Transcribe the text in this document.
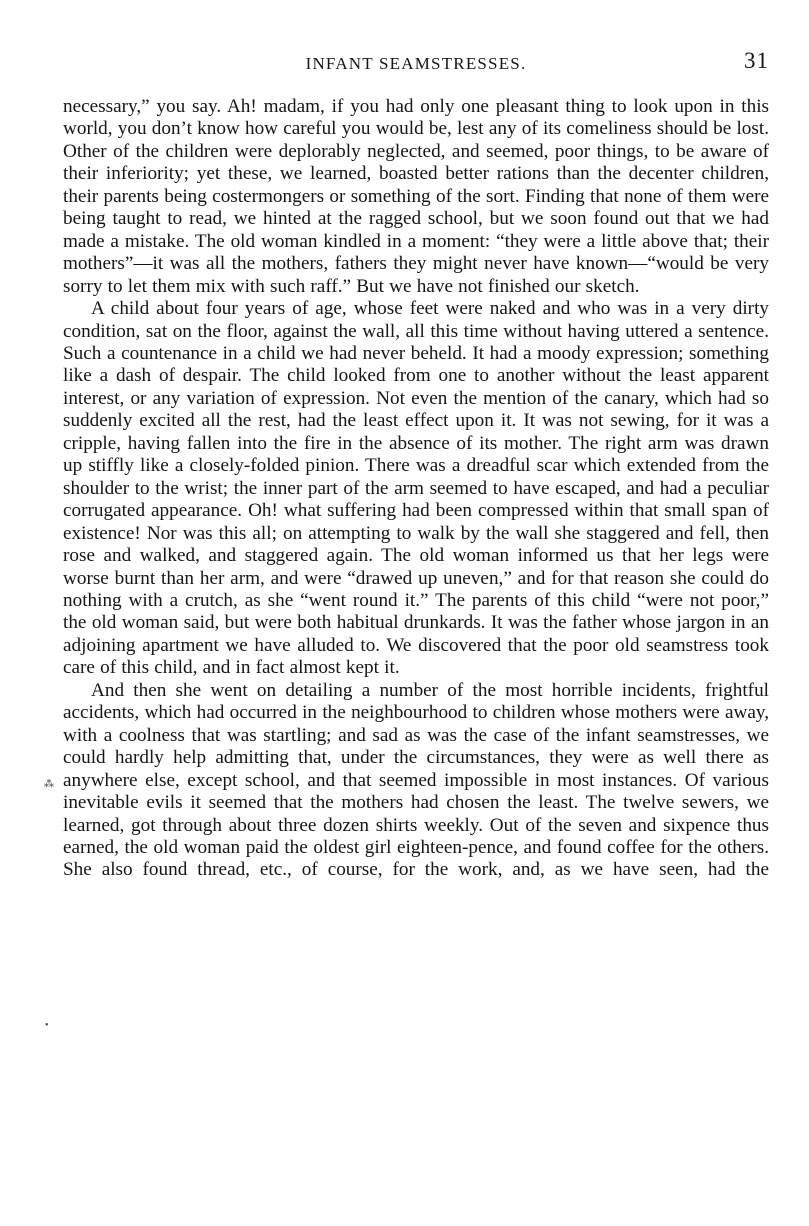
INFANT SEAMSTRESSES.	31

necessary,” you say. Ah! madam, if you had only one pleasant thing to look upon in this world, you don’t know how careful you would be, lest any of its comeliness should be lost. Other of the children were deplorably neglected, and seemed, poor things, to be aware of their inferiority; yet these, we learned, boasted better rations than the decenter children, their parents being costermongers or something of the sort. Finding that none of them were being taught to read, we hinted at the ragged school, but we soon found out that we had made a mistake. The old woman kindled in a moment: “they were a little above that; their mothers”—it was all the mothers, fathers they might never have known—“would be very sorry to let them mix with such raff.” But we have not finished our sketch.

A child about four years of age, whose feet were naked and who was in a very dirty condition, sat on the floor, against the wall, all this time without having uttered a sentence. Such a countenance in a child we had never beheld. It had a moody expression; something like a dash of despair. The child looked from one to another without the least apparent interest, or any variation of expression. Not even the mention of the canary, which had so suddenly excited all the rest, had the least effect upon it. It was not sewing, for it was a cripple, having fallen into the fire in the absence of its mother. The right arm was drawn up stiffly like a closely-folded pinion. There was a dreadful scar which extended from the shoulder to the wrist; the inner part of the arm seemed to have escaped, and had a peculiar corrugated appearance. Oh! what suffering had been compressed within that small span of existence! Nor was this all; on attempting to walk by the wall she staggered and fell, then rose and walked, and staggered again. The old woman informed us that her legs were worse burnt than her arm, and were “drawed up uneven,” and for that reason she could do nothing with a crutch, as she “went round it.” The parents of this child “were not poor,” the old woman said, but were both habitual drunkards. It was the father whose jargon in an adjoining apartment we have alluded to. We discovered that the poor old seamstress took care of this child, and in fact almost kept it.

And then she went on detailing a number of the most horrible incidents, frightful accidents, which had occurred in the neighbourhood to children whose mothers were away, with a coolness that was startling; and sad as was the case of the infant seamstresses, we could hardly help admitting that, under the circumstances, they were as well there as anywhere else, except school, and that seemed impossible in most instances. Of various inevitable evils it seemed that the mothers had chosen the least. The twelve sewers, we learned, got through about three dozen shirts weekly. Out of the seven and sixpence thus earned, the old woman paid the oldest girl eighteen-pence, and found coffee for the others. She also found thread, etc., of course, for the work, and, as we have seen, had the

⁂
•
